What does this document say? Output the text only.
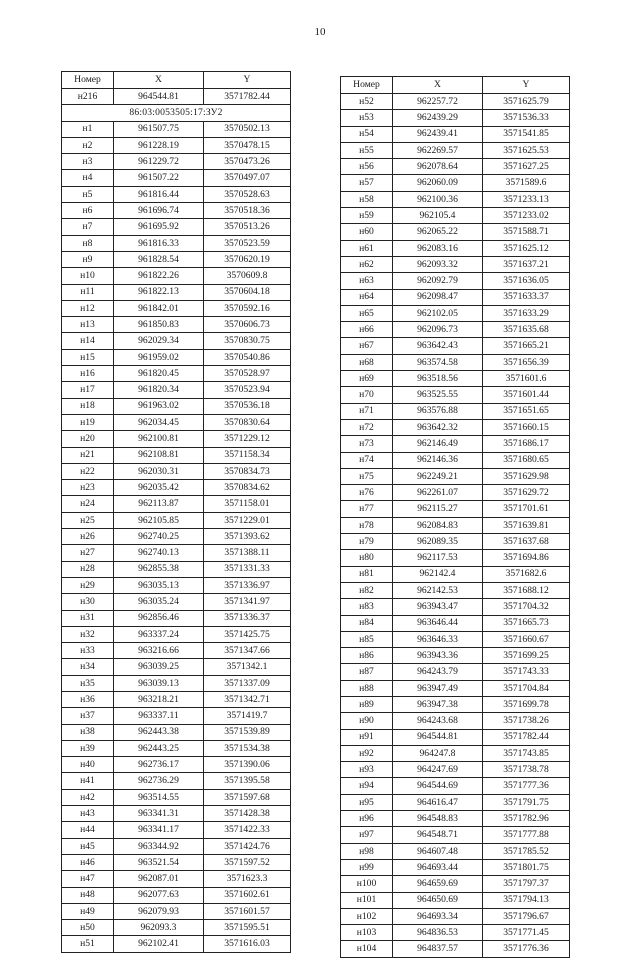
10
Номер	X	Y
н216	964544.81	3571782.44
86:03:0053505:17:ЗУ2		
н1	961507.75	3570502.13
н2	961228.19	3570478.15
н3	961229.72	3570473.26
н4	961507.22	3570497.07
н5	961816.44	3570528.63
н6	961696.74	3570518.36
н7	961695.92	3570513.26
н8	961816.33	3570523.59
н9	961828.54	3570620.19
н10	961822.26	3570609.8
н11	961822.13	3570604.18
н12	961842.01	3570592.16
н13	961850.83	3570606.73
н14	962029.34	3570830.75
н15	961959.02	3570540.86
н16	961820.45	3570528.97
н17	961820.34	3570523.94
н18	961963.02	3570536.18
н19	962034.45	3570830.64
н20	962100.81	3571229.12
н21	962108.81	3571158.34
н22	962030.31	3570834.73
н23	962035.42	3570834.62
н24	962113.87	3571158.01
н25	962105.85	3571229.01
н26	962740.25	3571393.62
н27	962740.13	3571388.11
н28	962855.38	3571331.33
н29	963035.13	3571336.97
н30	963035.24	3571341.97
н31	962856.46	3571336.37
н32	963337.24	3571425.75
н33	963216.66	3571347.66
н34	963039.25	3571342.1
н35	963039.13	3571337.09
н36	963218.21	3571342.71
н37	963337.11	3571419.7
н38	962443.38	3571539.89
н39	962443.25	3571534.38
н40	962736.17	3571390.06
н41	962736.29	3571395.58
н42	963514.55	3571597.68
н43	963341.31	3571428.38
н44	963341.17	3571422.33
н45	963344.92	3571424.76
н46	963521.54	3571597.52
н47	962087.01	3571623.3
н48	962077.63	3571602.61
н49	962079.93	3571601.57
н50	962093.3	3571595.51
н51	962102.41	3571616.03
Номер	X	Y
н52	962257.72	3571625.79
н53	962439.29	3571536.33
н54	962439.41	3571541.85
н55	962269.57	3571625.53
н56	962078.64	3571627.25
н57	962060.09	3571589.6
н58	962100.36	3571233.13
н59	962105.4	3571233.02
н60	962065.22	3571588.71
н61	962083.16	3571625.12
н62	962093.32	3571637.21
н63	962092.79	3571636.05
н64	962098.47	3571633.37
н65	962102.05	3571633.29
н66	962096.73	3571635.68
н67	963642.43	3571665.21
н68	963574.58	3571656.39
н69	963518.56	3571601.6
н70	963525.55	3571601.44
н71	963576.88	3571651.65
н72	963642.32	3571660.15
н73	962146.49	3571686.17
н74	962146.36	3571680.65
н75	962249.21	3571629.98
н76	962261.07	3571629.72
н77	962115.27	3571701.61
н78	962084.83	3571639.81
н79	962089.35	3571637.68
н80	962117.53	3571694.86
н81	962142.4	3571682.6
н82	962142.53	3571688.12
н83	963943.47	3571704.32
н84	963646.44	3571665.73
н85	963646.33	3571660.67
н86	963943.36	3571699.25
н87	964243.79	3571743.33
н88	963947.49	3571704.84
н89	963947.38	3571699.78
н90	964243.68	3571738.26
н91	964544.81	3571782.44
н92	964247.8	3571743.85
н93	964247.69	3571738.78
н94	964544.69	3571777.36
н95	964616.47	3571791.75
н96	964548.83	3571782.96
н97	964548.71	3571777.88
н98	964607.48	3571785.52
н99	964693.44	3571801.75
н100	964659.69	3571797.37
н101	964650.69	3571794.13
н102	964693.34	3571796.67
н103	964836.53	3571771.45
н104	964837.57	3571776.36
